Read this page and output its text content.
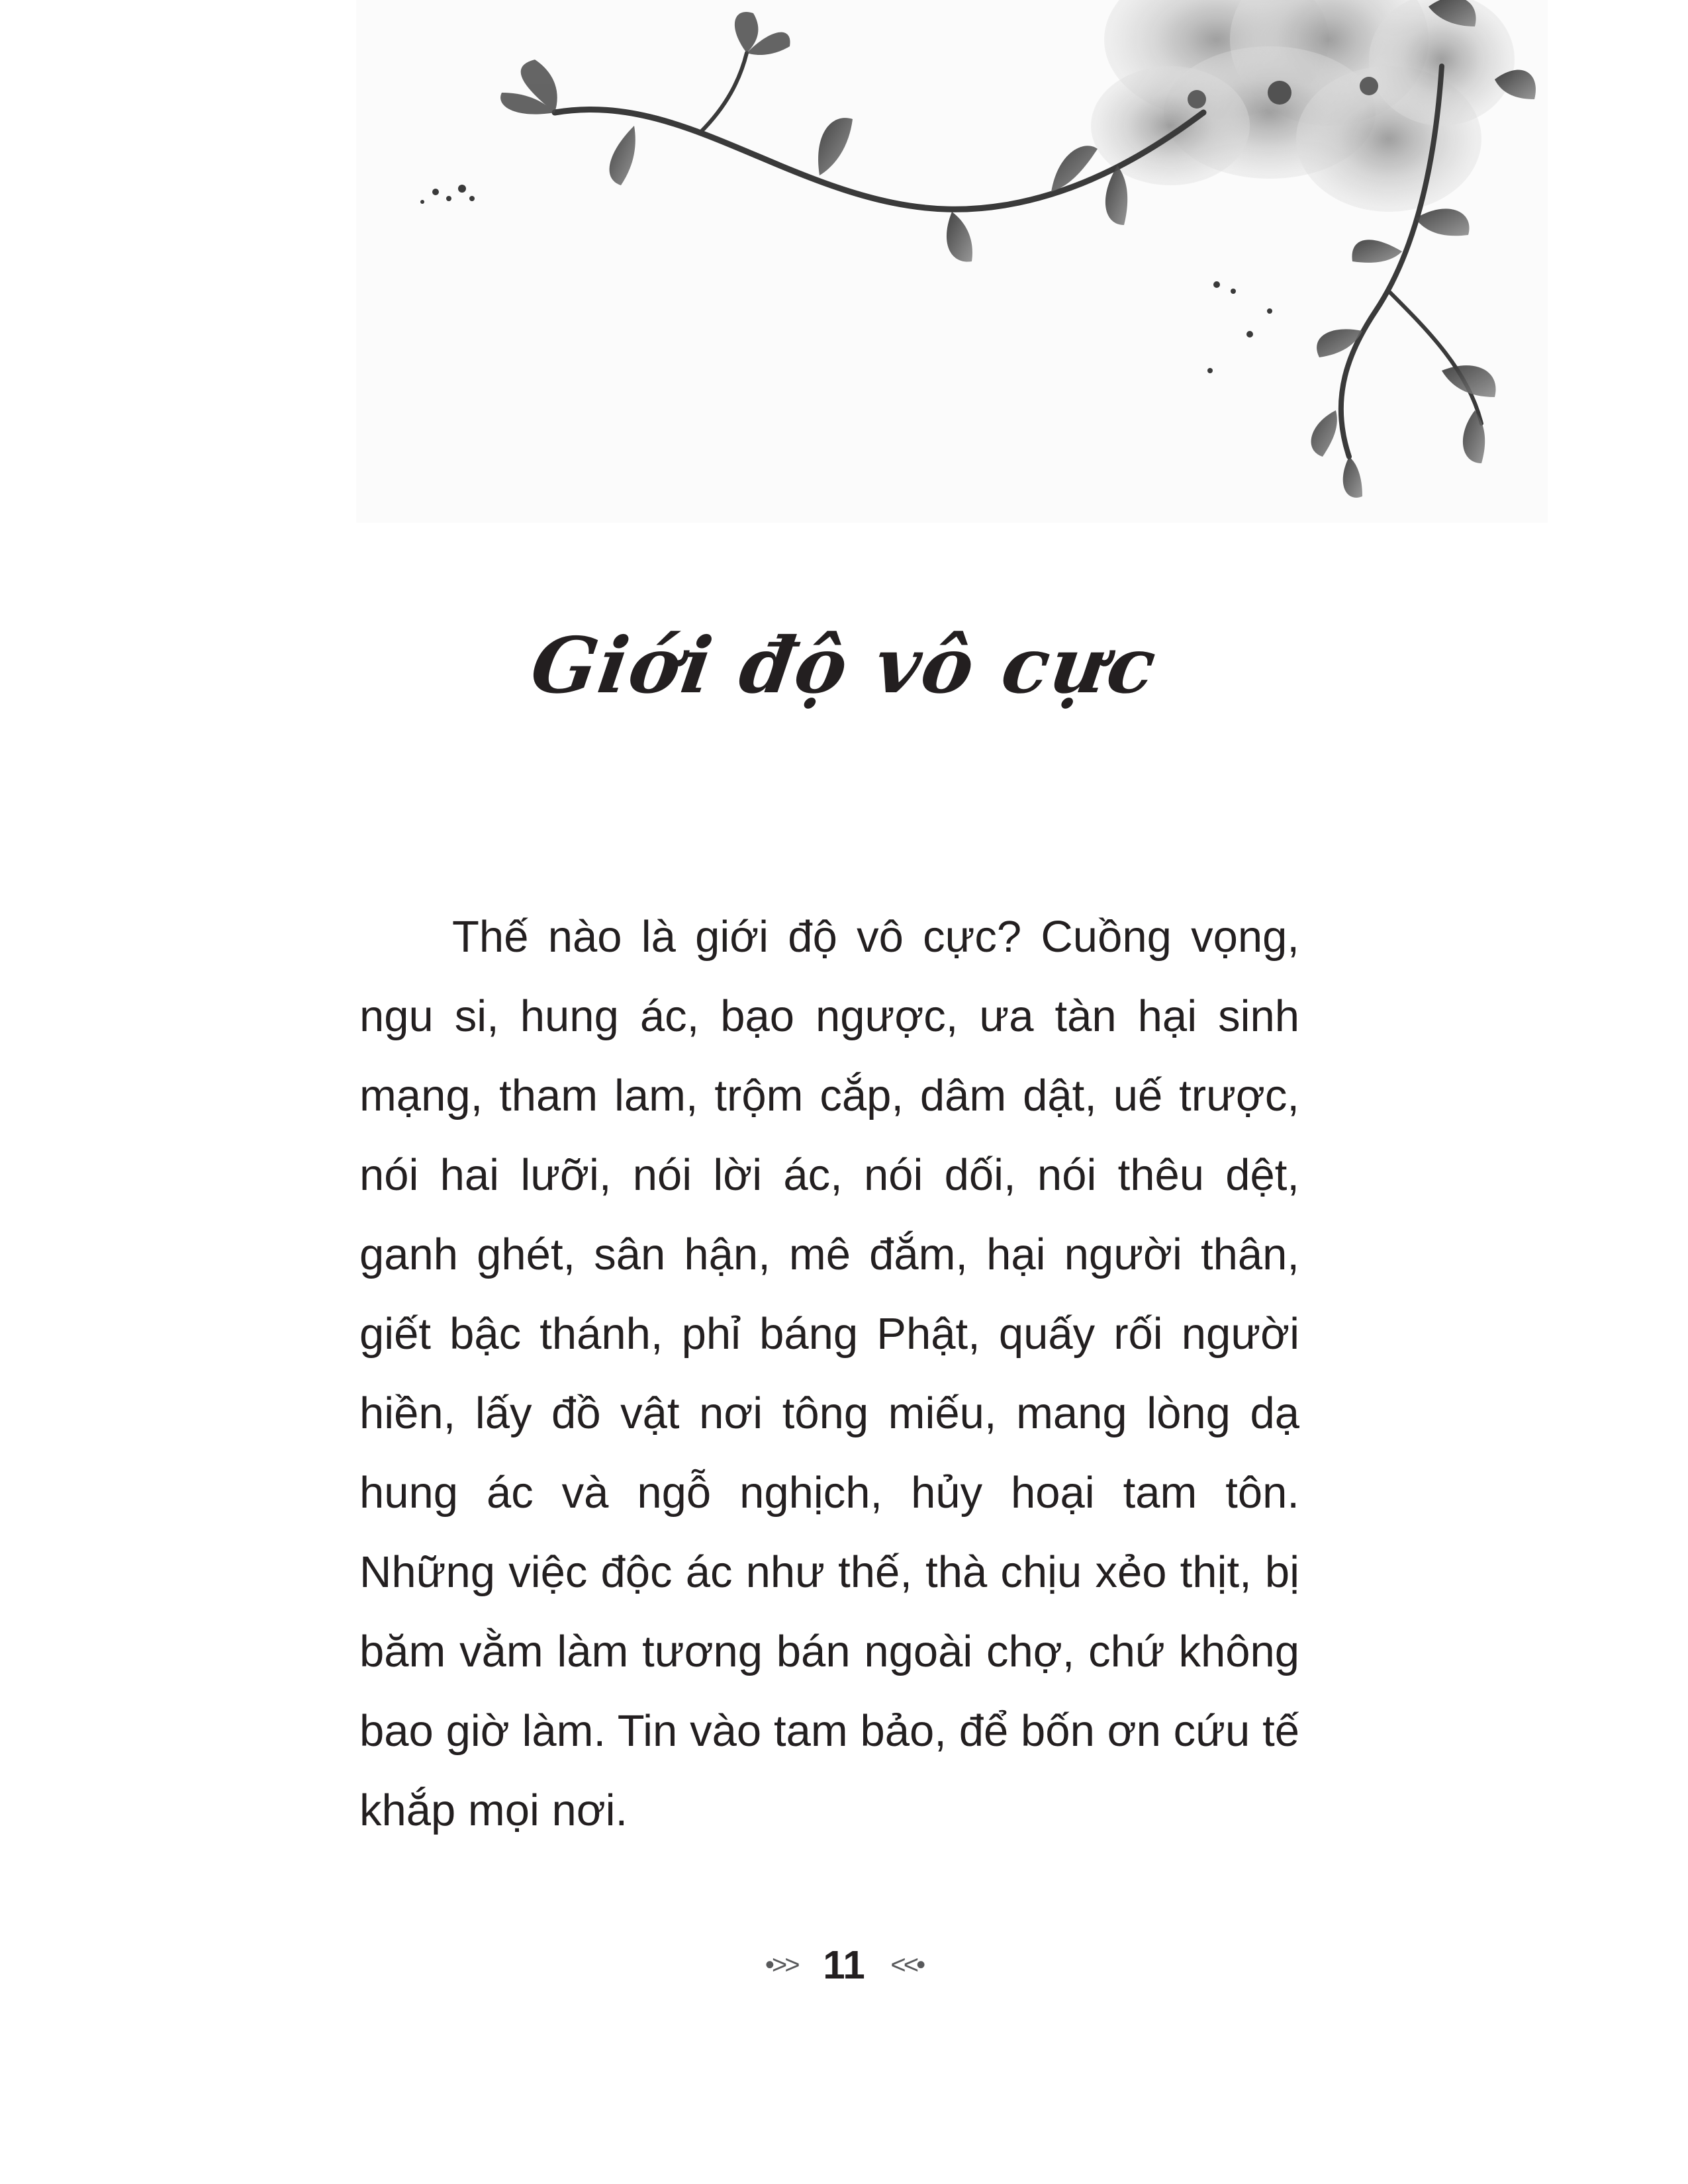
Giới độ vô cực

Thế nào là giới độ vô cực? Cuồng vọng, ngu si, hung ác, bạo ngược, ưa tàn hại sinh mạng, tham lam, trộm cắp, dâm dật, uế trược, nói hai lưỡi, nói lời ác, nói dối, nói thêu dệt, ganh ghét, sân hận, mê đắm, hại người thân, giết bậc thánh, phỉ báng Phật, quấy rối người hiền, lấy đồ vật nơi tông miếu, mang lòng dạ hung ác và ngỗ nghịch, hủy hoại tam tôn. Những việc độc ác như thế, thà chịu xẻo thịt, bị băm vằm làm tương bán ngoài chợ, chứ không bao giờ làm. Tin vào tam bảo, để bốn ơn cứu tế khắp mọi nơi.

•>> 11 <<•
